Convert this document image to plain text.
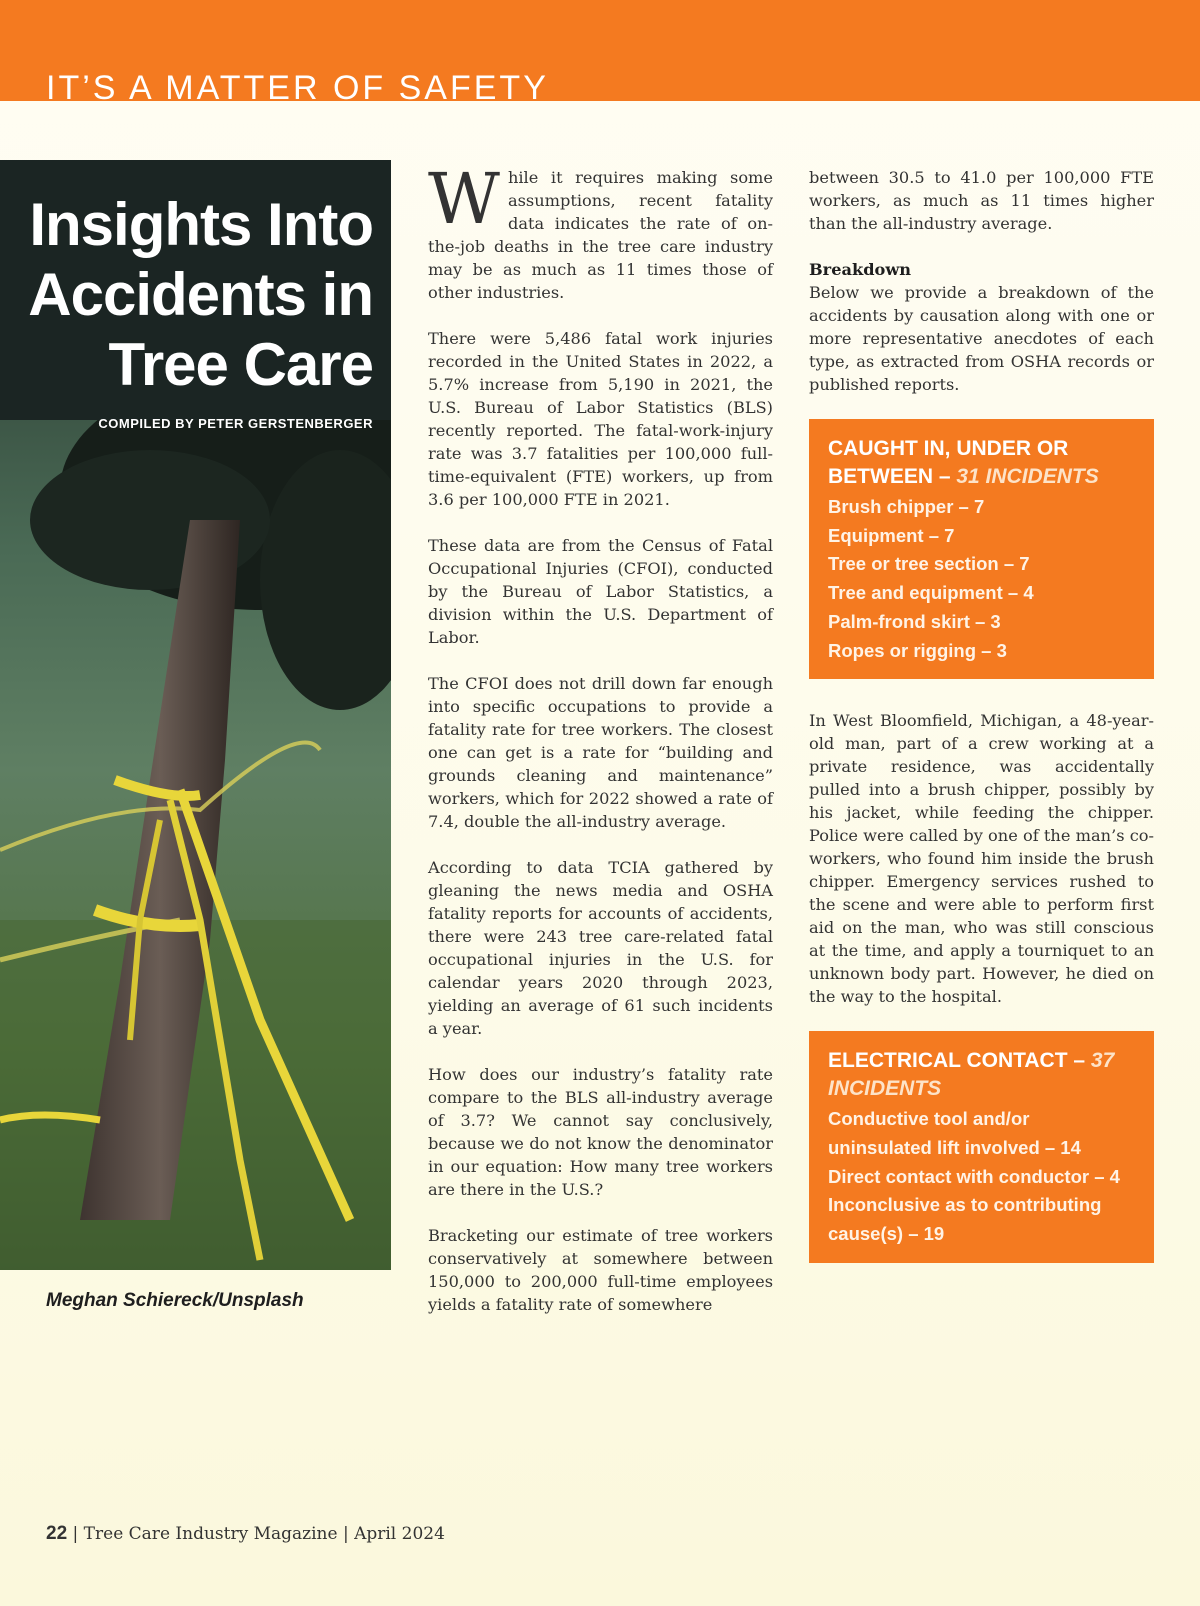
IT’S A MATTER OF SAFETY
Insights Into
Accidents in
Tree Care
COMPILED BY PETER GERSTENBERGER
Meghan Schiereck/Unsplash

While it requires making some assumptions, recent fatality data indicates the rate of on-the-job deaths in the tree care industry may be as much as 11 times those of other industries.

There were 5,486 fatal work injuries recorded in the United States in 2022, a 5.7% increase from 5,190 in 2021, the U.S. Bureau of Labor Statistics (BLS) recently reported. The fatal-work-injury rate was 3.7 fatalities per 100,000 full-time-equivalent (FTE) workers, up from 3.6 per 100,000 FTE in 2021.

These data are from the Census of Fatal Occupational Injuries (CFOI), conducted by the Bureau of Labor Statistics, a division within the U.S. Department of Labor.

The CFOI does not drill down far enough into specific occupations to provide a fatality rate for tree workers. The closest one can get is a rate for “building and grounds cleaning and maintenance” workers, which for 2022 showed a rate of 7.4, double the all-industry average.

According to data TCIA gathered by gleaning the news media and OSHA fatality reports for accounts of accidents, there were 243 tree care-related fatal occupational injuries in the U.S. for calendar years 2020 through 2023, yielding an average of 61 such incidents a year.

How does our industry’s fatality rate compare to the BLS all-industry average of 3.7? We cannot say conclusively, because we do not know the denominator in our equation: How many tree workers are there in the U.S.?

Bracketing our estimate of tree workers conservatively at somewhere between 150,000 to 200,000 full-time employees yields a fatality rate of somewhere

between 30.5 to 41.0 per 100,000 FTE workers, as much as 11 times higher than the all-industry average.

Breakdown
Below we provide a breakdown of the accidents by causation along with one or more representative anecdotes of each type, as extracted from OSHA records or published reports.

CAUGHT IN, UNDER OR BETWEEN – 31 INCIDENTS
Brush chipper – 7
Equipment – 7
Tree or tree section – 7
Tree and equipment – 4
Palm-frond skirt – 3
Ropes or rigging – 3

In West Bloomfield, Michigan, a 48-year-old man, part of a crew working at a private residence, was accidentally pulled into a brush chipper, possibly by his jacket, while feeding the chipper. Police were called by one of the man’s co-workers, who found him inside the brush chipper. Emergency services rushed to the scene and were able to perform first aid on the man, who was still conscious at the time, and apply a tourniquet to an unknown body part. However, he died on the way to the hospital.

ELECTRICAL CONTACT – 37 INCIDENTS
Conductive tool and/or uninsulated lift involved – 14
Direct contact with conductor – 4
Inconclusive as to contributing cause(s) – 19
22 | Tree Care Industry Magazine | April 2024
